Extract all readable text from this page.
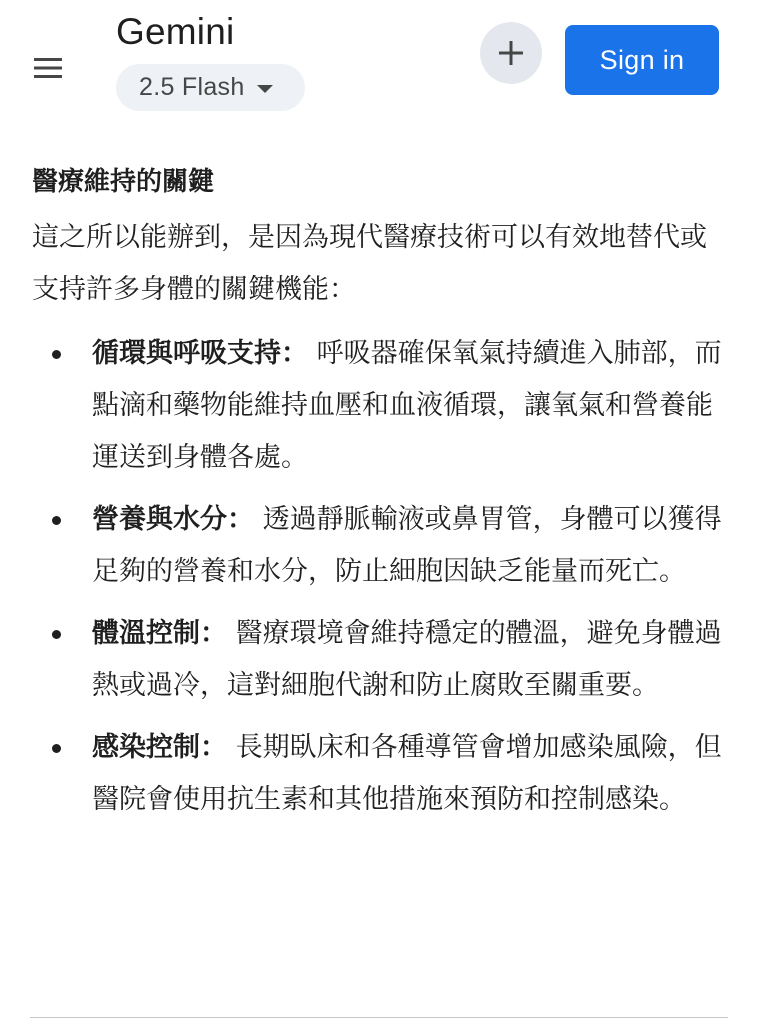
Gemini
2.5 Flash
Sign in
醫療維持的關鍵

這之所以能辦到，是因為現代醫療技術可以有效地替代或支持許多身體的關鍵機能：

循環與呼吸支持： 呼吸器確保氧氣持續進入肺部，而點滴和藥物能維持血壓和血液循環，讓氧氣和營養能運送到身體各處。
營養與水分： 透過靜脈輸液或鼻胃管，身體可以獲得足夠的營養和水分，防止細胞因缺乏能量而死亡。
體溫控制： 醫療環境會維持穩定的體溫，避免身體過熱或過冷，這對細胞代謝和防止腐敗至關重要。
感染控制： 長期臥床和各種導管會增加感染風險，但醫院會使用抗生素和其他措施來預防和控制感染。
